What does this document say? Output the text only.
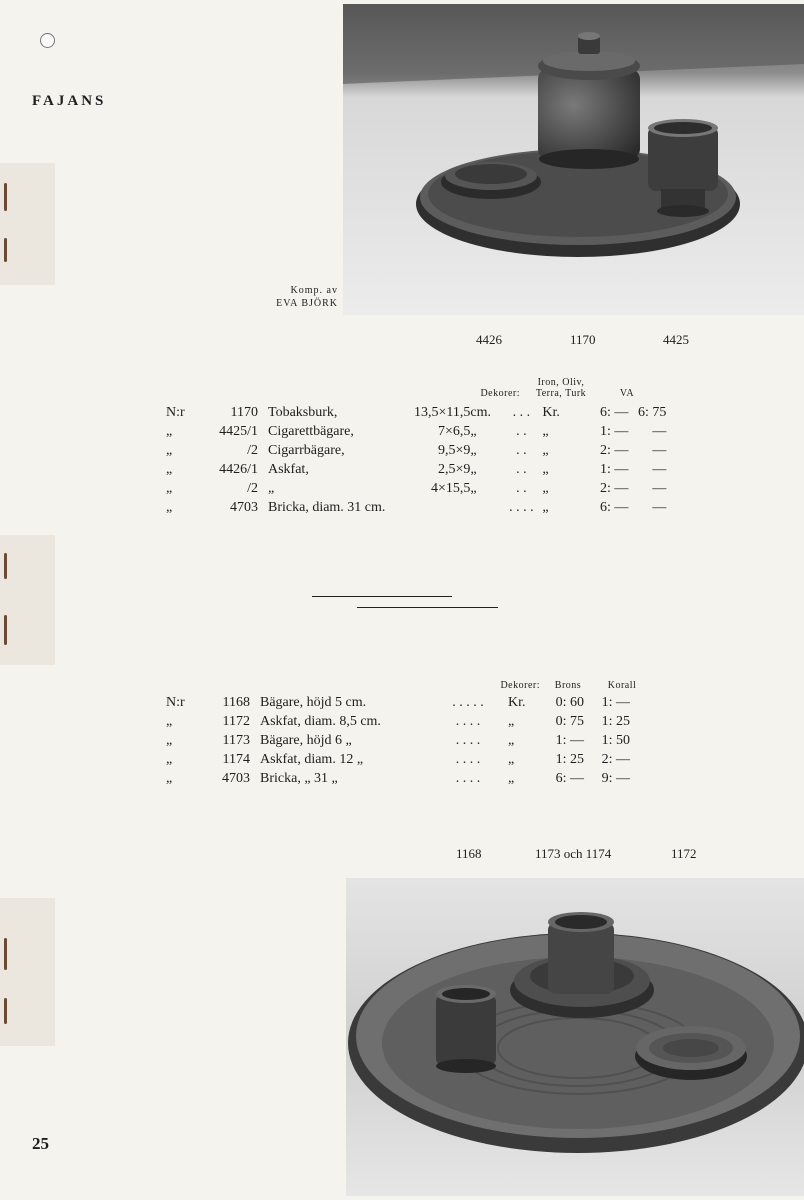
FAJANS
Komp. av
EVA BJÖRK
4426	1170	4425
Dekorer:
Iron, Oliv,
Terra, Turk	VA
N:r	1170	Tobaksburk,	13,5×11,5	cm.	. . .	Kr.	6: —	6: 75
„	4425/1	Cigarettbägare,	7×6,5	„	. .	„	1: —	—
„	/2	Cigarrbägare,	9,5×9	„	. .	„	2: —	—
„	4426/1	Askfat,	2,5×9	„	. .	„	1: —	—
„	/2	„	4×15,5	„	. .	„	2: —	—
„	4703	Bricka, diam. 31 cm.			. . . .	„	6: —	—
Dekorer:	Brons	Korall
N:r	1168	Bägare, höjd 5 cm.	. . . . .	Kr.	0: 60	1: —
„	1172	Askfat, diam. 8,5 cm.	. . . .	„	0: 75	1: 25
„	1173	Bägare, höjd 6 „	. . . .	„	1: —	1: 50
„	1174	Askfat, diam. 12 „	. . . .	„	1: 25	2: —
„	4703	Bricka, „ 31 „	. . . .	„	6: —	9: —
1168	1173 och 1174	1172
25
